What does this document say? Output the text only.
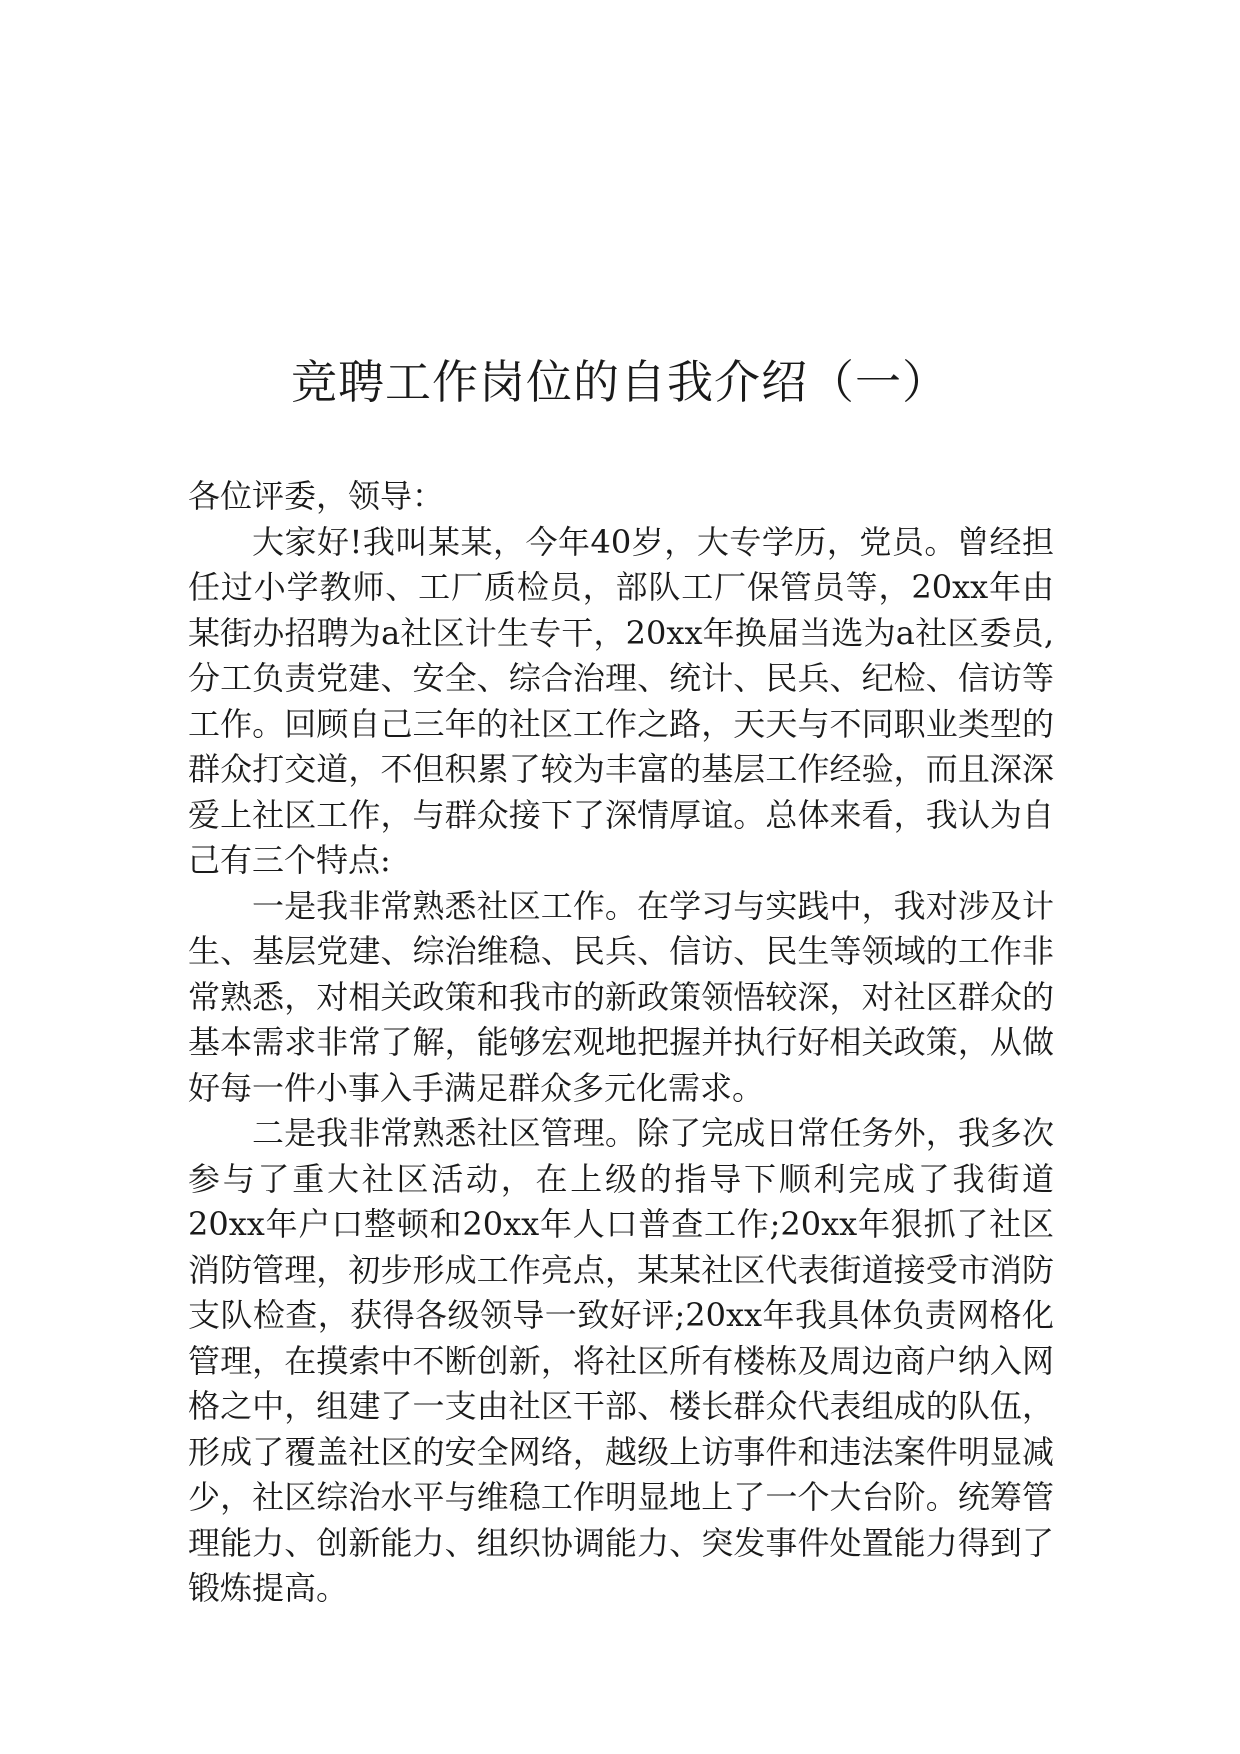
竞聘工作岗位的自我介绍（一）

各位评委，领导：

大家好!我叫某某，今年40岁，大专学历，党员。曾经担任过小学教师、工厂质检员，部队工厂保管员等，20xx年由某街办招聘为a社区计生专干，20xx年换届当选为a社区委员,分工负责党建、安全、综合治理、统计、民兵、纪检、信访等工作。回顾自己三年的社区工作之路，天天与不同职业类型的群众打交道，不但积累了较为丰富的基层工作经验，而且深深爱上社区工作，与群众接下了深情厚谊。总体来看，我认为自己有三个特点:

一是我非常熟悉社区工作。在学习与实践中，我对涉及计生、基层党建、综治维稳、民兵、信访、民生等领域的工作非常熟悉，对相关政策和我市的新政策领悟较深，对社区群众的基本需求非常了解，能够宏观地把握并执行好相关政策，从做好每一件小事入手满足群众多元化需求。

二是我非常熟悉社区管理。除了完成日常任务外，我多次参与了重大社区活动，在上级的指导下顺利完成了我街道20xx年户口整顿和20xx年人口普查工作;20xx年狠抓了社区消防管理，初步形成工作亮点，某某社区代表街道接受市消防支队检查，获得各级领导一致好评;20xx年我具体负责网格化管理，在摸索中不断创新，将社区所有楼栋及周边商户纳入网格之中，组建了一支由社区干部、楼长群众代表组成的队伍，形成了覆盖社区的安全网络，越级上访事件和违法案件明显减少，社区综治水平与维稳工作明显地上了一个大台阶。统筹管理能力、创新能力、组织协调能力、突发事件处置能力得到了锻炼提高。
